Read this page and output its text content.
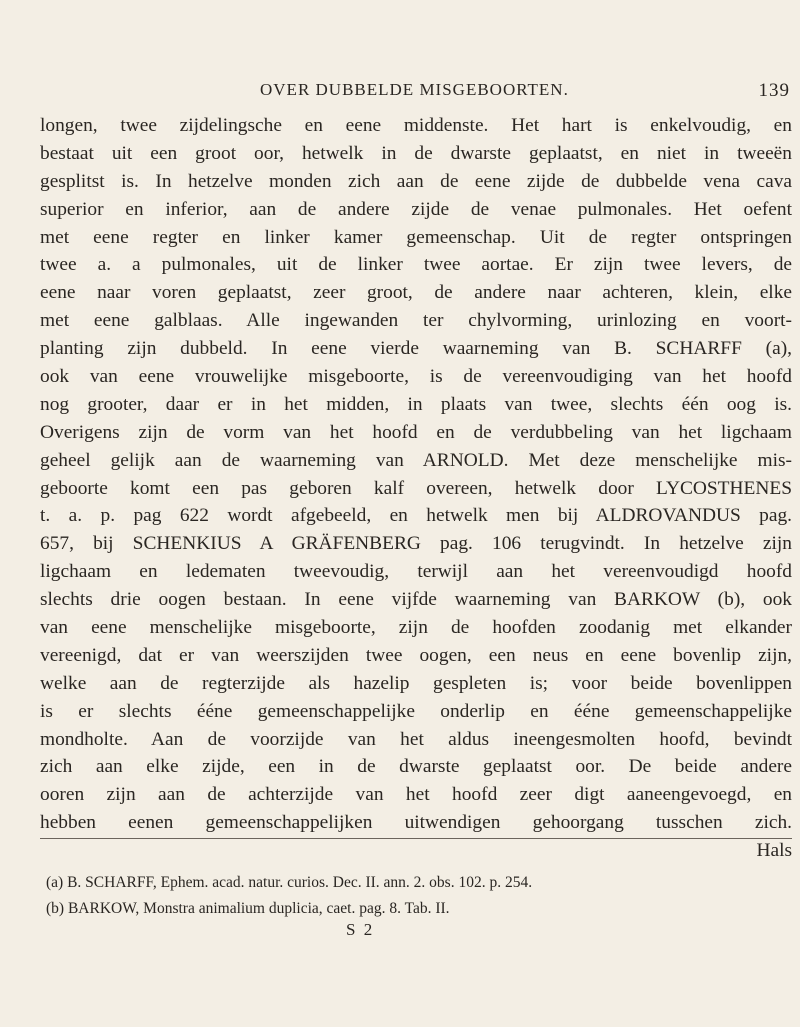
OVER DUBBELDE MISGEBOORTEN.	139
longen, twee zijdelingsche en eene middenste. Het hart is enkelvoudig, en
bestaat uit een groot oor, hetwelk in de dwarste geplaatst, en niet in tweeën
gesplitst is. In hetzelve monden zich aan de eene zijde de dubbelde vena cava
superior en inferior, aan de andere zijde de venae pulmonales. Het oefent
met eene regter en linker kamer gemeenschap. Uit de regter ontspringen
twee a. a pulmonales, uit de linker twee aortae. Er zijn twee levers, de
eene naar voren geplaatst, zeer groot, de andere naar achteren, klein, elke
met eene galblaas. Alle ingewanden ter chylvorming, urinlozing en voort-
planting zijn dubbeld. In eene vierde waarneming van B. SCHARFF (a),
ook van eene vrouwelijke misgeboorte, is de vereenvoudiging van het hoofd
nog grooter, daar er in het midden, in plaats van twee, slechts één oog is.
Overigens zijn de vorm van het hoofd en de verdubbeling van het ligchaam
geheel gelijk aan de waarneming van ARNOLD. Met deze menschelijke mis-
geboorte komt een pas geboren kalf overeen, hetwelk door LYCOSTHENES
t. a. p. pag 622 wordt afgebeeld, en hetwelk men bij ALDROVANDUS pag.
657, bij SCHENKIUS A GRÄFENBERG pag. 106 terugvindt. In hetzelve zijn
ligchaam en ledematen tweevoudig, terwijl aan het vereenvoudigd hoofd
slechts drie oogen bestaan. In eene vijfde waarneming van BARKOW (b), ook
van eene menschelijke misgeboorte, zijn de hoofden zoodanig met elkander
vereenigd, dat er van weerszijden twee oogen, een neus en eene bovenlip zijn,
welke aan de regterzijde als hazelip gespleten is; voor beide bovenlippen
is er slechts ééne gemeenschappelijke onderlip en ééne gemeenschappelijke
mondholte. Aan de voorzijde van het aldus ineengesmolten hoofd, bevindt
zich aan elke zijde, een in de dwarste geplaatst oor. De beide andere
ooren zijn aan de achterzijde van het hoofd zeer digt aaneengevoegd, en
hebben eenen gemeenschappelijken uitwendigen gehoorgang tusschen zich.
Hals
(a) B. SCHARFF, Ephem. acad. natur. curios. Dec. II. ann. 2. obs. 102. p. 254.
(b) BARKOW, Monstra animalium duplicia, caet. pag. 8. Tab. II.
S 2
